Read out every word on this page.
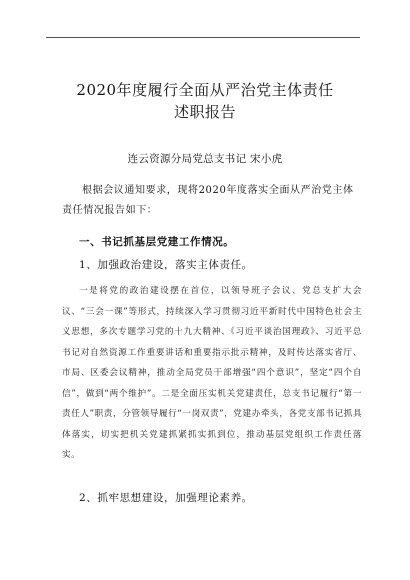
2020年度履行全面从严治党主体责任
述职报告
连云资源分局党总支书记 宋小虎

根据会议通知要求，现将2020年度落实全面从严治党主体责任情况报告如下：

一、书记抓基层党建工作情况。
1、加强政治建设，落实主体责任。

一是将党的政治建设摆在首位，以领导班子会议、党总支扩大会议、“三会一课”等形式，持续深入学习贯彻习近平新时代中国特色社会主义思想，多次专题学习党的十九大精神、《习近平谈治国理政》、习近平总书记对自然资源工作重要讲话和重要指示批示精神，及时传达落实省厅、市局、区委会议精神，推动全局党员干部增强“四个意识”，坚定“四个自信”，做到“两个维护”。二是全面压实机关党建责任，总支书记履行“第一责任人”职责，分管领导履行“一岗双责”，党建办牵头，各党支部书记抓具体落实，切实把机关党建抓紧抓实抓到位，推动基层党组织工作责任落实。

2、抓牢思想建设，加强理论素养。
